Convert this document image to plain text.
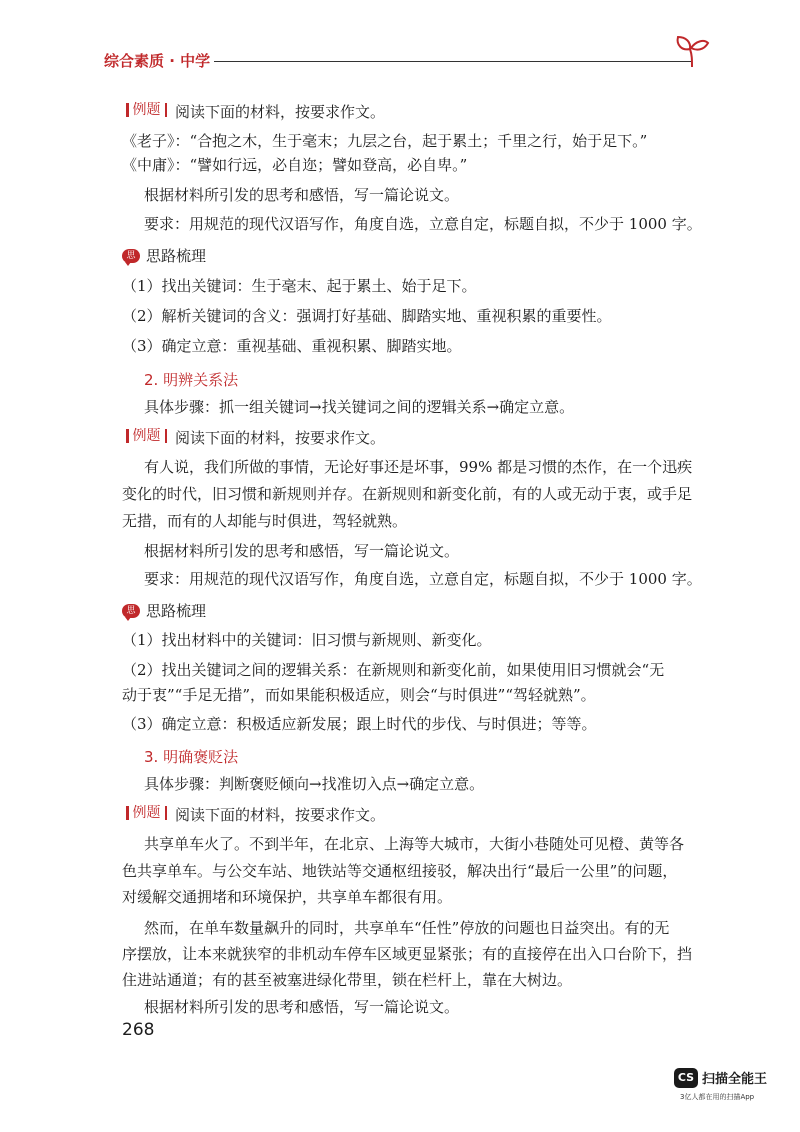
综合素质 · 中学
例题 阅读下面的材料，按要求作文。
《老子》：“合抱之木，生于毫末；九层之台，起于累土；千里之行，始于足下。”
《中庸》：“譬如行远，必自迩；譬如登高，必自卑。”
根据材料所引发的思考和感悟，写一篇论说文。
要求：用规范的现代汉语写作，角度自选，立意自定，标题自拟，不少于 1000 字。
思 思路梳理
（1）找出关键词：生于毫末、起于累土、始于足下。
（2）解析关键词的含义：强调打好基础、脚踏实地、重视积累的重要性。
（3）确定立意：重视基础、重视积累、脚踏实地。
2. 明辨关系法
具体步骤：抓一组关键词→找关键词之间的逻辑关系→确定立意。
例题 阅读下面的材料，按要求作文。
有人说，我们所做的事情，无论好事还是坏事，99% 都是习惯的杰作，在一个迅疾
变化的时代，旧习惯和新规则并存。在新规则和新变化前，有的人或无动于衷，或手足
无措，而有的人却能与时俱进，驾轻就熟。
根据材料所引发的思考和感悟，写一篇论说文。
要求：用规范的现代汉语写作，角度自选，立意自定，标题自拟，不少于 1000 字。
思 思路梳理
（1）找出材料中的关键词：旧习惯与新规则、新变化。
（2）找出关键词之间的逻辑关系：在新规则和新变化前，如果使用旧习惯就会“无
动于衷”“手足无措”，而如果能积极适应，则会“与时俱进”“驾轻就熟”。
（3）确定立意：积极适应新发展；跟上时代的步伐、与时俱进；等等。
3. 明确褒贬法
具体步骤：判断褒贬倾向→找准切入点→确定立意。
例题 阅读下面的材料，按要求作文。
共享单车火了。不到半年，在北京、上海等大城市，大街小巷随处可见橙、黄等各
色共享单车。与公交车站、地铁站等交通枢纽接驳，解决出行“最后一公里”的问题，
对缓解交通拥堵和环境保护，共享单车都很有用。
然而，在单车数量飙升的同时，共享单车“任性”停放的问题也日益突出。有的无
序摆放，让本来就狭窄的非机动车停车区域更显紧张；有的直接停在出入口台阶下，挡
住进站通道；有的甚至被塞进绿化带里，锁在栏杆上，靠在大树边。
根据材料所引发的思考和感悟，写一篇论说文。
268
CS 扫描全能王
3亿人都在用的扫描App
